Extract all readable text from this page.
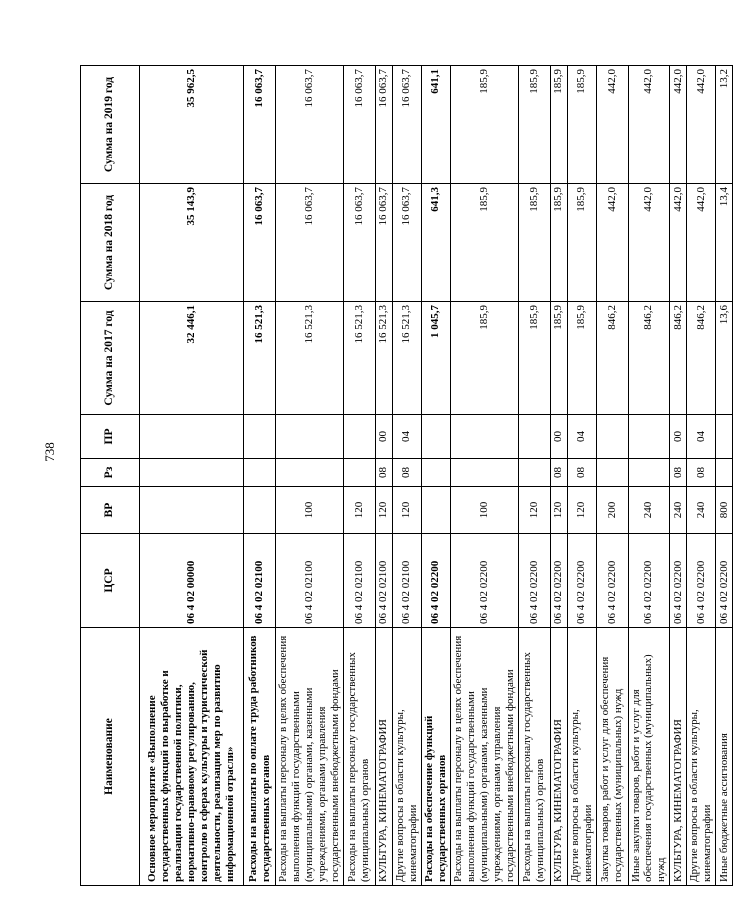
738
Наименование	ЦСР	ВР	Рз	ПР	Сумма на 2017 год	Сумма на 2018 год	Сумма на 2019 год
Основное мероприятие «Выполнение государственных функций по выработке и реализации государственной политики, нормативно-правовому регулированию, контролю в сферах культуры и туристической деятельности, реализации мер по развитию информационной отрасли»	06 4 02 00000				32 446,1	35 143,9	35 962,5
Расходы на выплаты по оплате труда работников государственных органов	06 4 02 02100				16 521,3	16 063,7	16 063,7
Расходы на выплаты персоналу в целях обеспечения выполнения функций государственными (муниципальными) органами, казенными учреждениями, органами управления государственными внебюджетными фондами	06 4 02 02100	100			16 521,3	16 063,7	16 063,7
Расходы на выплаты персоналу государственных (муниципальных) органов	06 4 02 02100	120			16 521,3	16 063,7	16 063,7
КУЛЬТУРА, КИНЕМАТОГРАФИЯ	06 4 02 02100	120	08	00	16 521,3	16 063,7	16 063,7
Другие вопросы в области культуры, кинематографии	06 4 02 02100	120	08	04	16 521,3	16 063,7	16 063,7
Расходы на обеспечение функций государственных органов	06 4 02 02200				1 045,7	641,3	641,1
Расходы на выплаты персоналу в целях обеспечения выполнения функций государственными (муниципальными) органами, казенными учреждениями, органами управления государственными внебюджетными фондами	06 4 02 02200	100			185,9	185,9	185,9
Расходы на выплаты персоналу государственных (муниципальных) органов	06 4 02 02200	120			185,9	185,9	185,9
КУЛЬТУРА, КИНЕМАТОГРАФИЯ	06 4 02 02200	120	08	00	185,9	185,9	185,9
Другие вопросы в области культуры, кинематографии	06 4 02 02200	120	08	04	185,9	185,9	185,9
Закупка товаров, работ и услуг для обеспечения государственных (муниципальных) нужд	06 4 02 02200	200			846,2	442,0	442,0
Иные закупки товаров, работ и услуг для обеспечения государственных (муниципальных) нужд	06 4 02 02200	240			846,2	442,0	442,0
КУЛЬТУРА, КИНЕМАТОГРАФИЯ	06 4 02 02200	240	08	00	846,2	442,0	442,0
Другие вопросы в области культуры, кинематографии	06 4 02 02200	240	08	04	846,2	442,0	442,0
Иные бюджетные ассигнования	06 4 02 02200	800			13,6	13,4	13,2
